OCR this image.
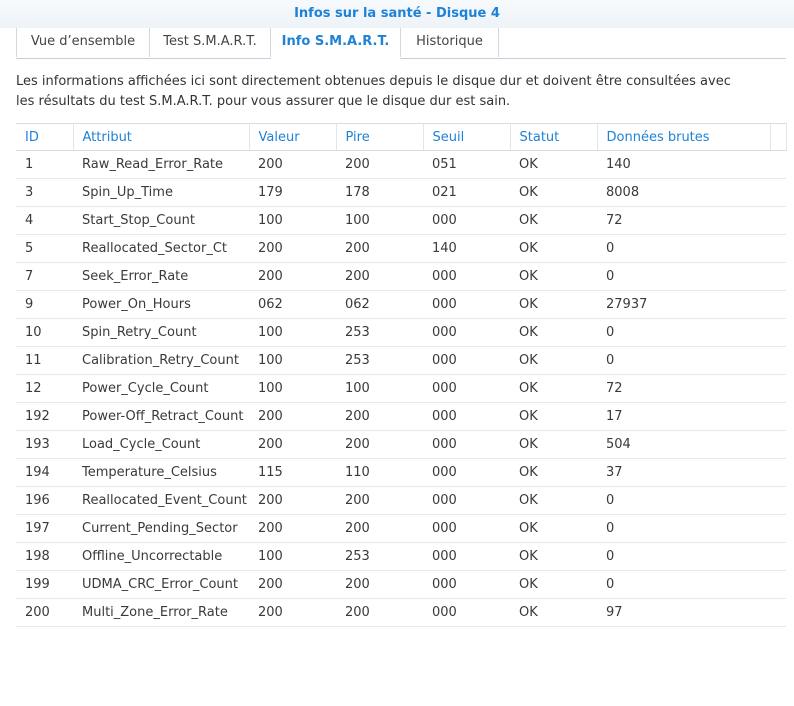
Infos sur la santé - Disque 4
Vue d’ensemble	Test S.M.A.R.T.	Info S.M.A.R.T.	Historique
Les informations affichées ici sont directement obtenues depuis le disque dur et doivent être consultées avec les résultats du test S.M.A.R.T. pour vous assurer que le disque dur est sain.
ID	Attribut	Valeur	Pire	Seuil	Statut	Données brutes	
1	Raw_Read_Error_Rate	200	200	051	OK	140	
3	Spin_Up_Time	179	178	021	OK	8008	
4	Start_Stop_Count	100	100	000	OK	72	
5	Reallocated_Sector_Ct	200	200	140	OK	0	
7	Seek_Error_Rate	200	200	000	OK	0	
9	Power_On_Hours	062	062	000	OK	27937	
10	Spin_Retry_Count	100	253	000	OK	0	
11	Calibration_Retry_Count	100	253	000	OK	0	
12	Power_Cycle_Count	100	100	000	OK	72	
192	Power-Off_Retract_Count	200	200	000	OK	17	
193	Load_Cycle_Count	200	200	000	OK	504	
194	Temperature_Celsius	115	110	000	OK	37	
196	Reallocated_Event_Count	200	200	000	OK	0	
197	Current_Pending_Sector	200	200	000	OK	0	
198	Offline_Uncorrectable	100	253	000	OK	0	
199	UDMA_CRC_Error_Count	200	200	000	OK	0	
200	Multi_Zone_Error_Rate	200	200	000	OK	97	
